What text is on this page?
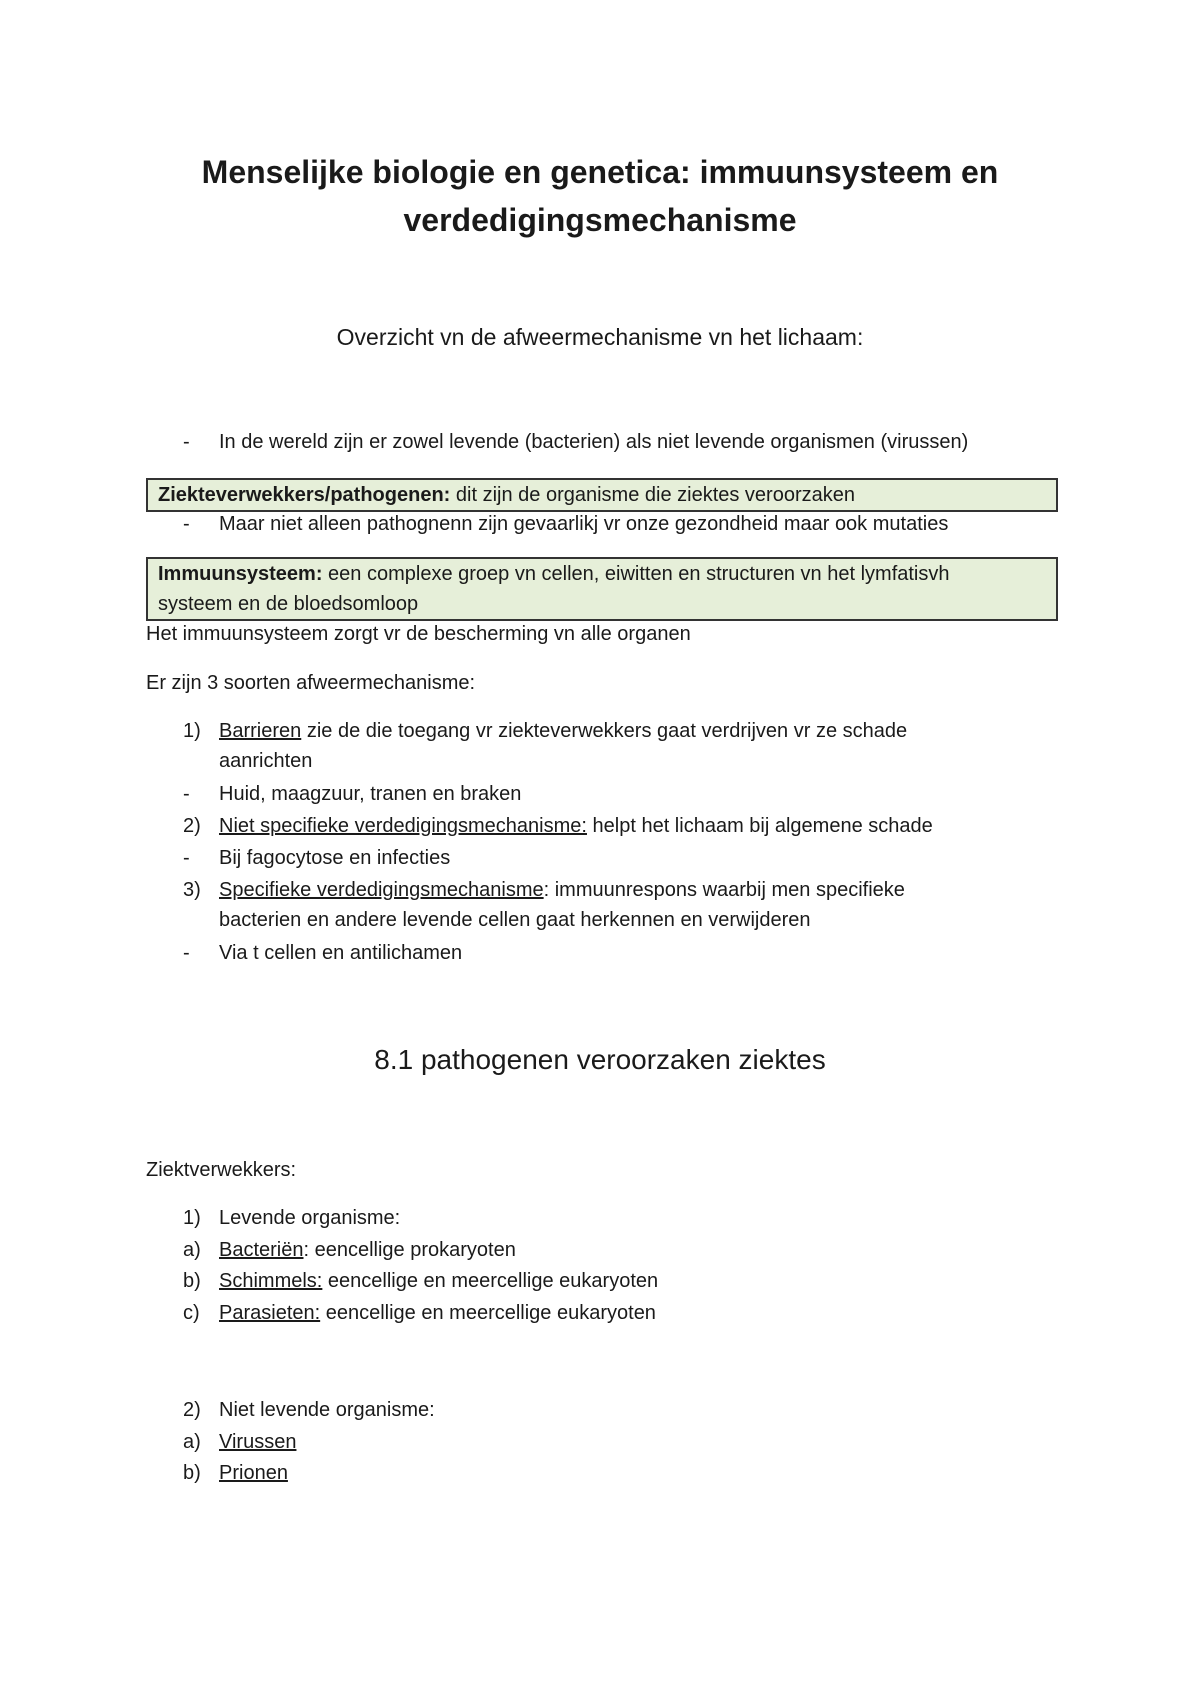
Menselijke biologie en genetica: immuunsysteem en
verdedigingsmechanisme
Overzicht vn de afweermechanisme vn het lichaam:
- In de wereld zijn er zowel levende (bacterien) als niet levende organismen (virussen)
Ziekteverwekkers/pathogenen: dit zijn de organisme die ziektes veroorzaken
- Maar niet alleen pathognenn zijn gevaarlikj vr onze gezondheid maar ook mutaties
Immuunsysteem: een complexe groep vn cellen, eiwitten en structuren vn het lymfatisvh
systeem en de bloedsomloop
Het immuunsysteem zorgt vr de bescherming vn alle organen
Er zijn 3 soorten afweermechanisme:
1) Barrieren zie de die toegang vr ziekteverwekkers gaat verdrijven vr ze schade
aanrichten
- Huid, maagzuur, tranen en braken
2) Niet specifieke verdedigingsmechanisme: helpt het lichaam bij algemene schade
- Bij fagocytose en infecties
3) Specifieke verdedigingsmechanisme: immuunrespons waarbij men specifieke
bacterien en andere levende cellen gaat herkennen en verwijderen
- Via t cellen en antilichamen
8.1 pathogenen veroorzaken ziektes
Ziektverwekkers:
1) Levende organisme:
a) Bacteriën: eencellige prokaryoten
b) Schimmels: eencellige en meercellige eukaryoten
c) Parasieten: eencellige en meercellige eukaryoten
2) Niet levende organisme:
a) Virussen
b) Prionen
